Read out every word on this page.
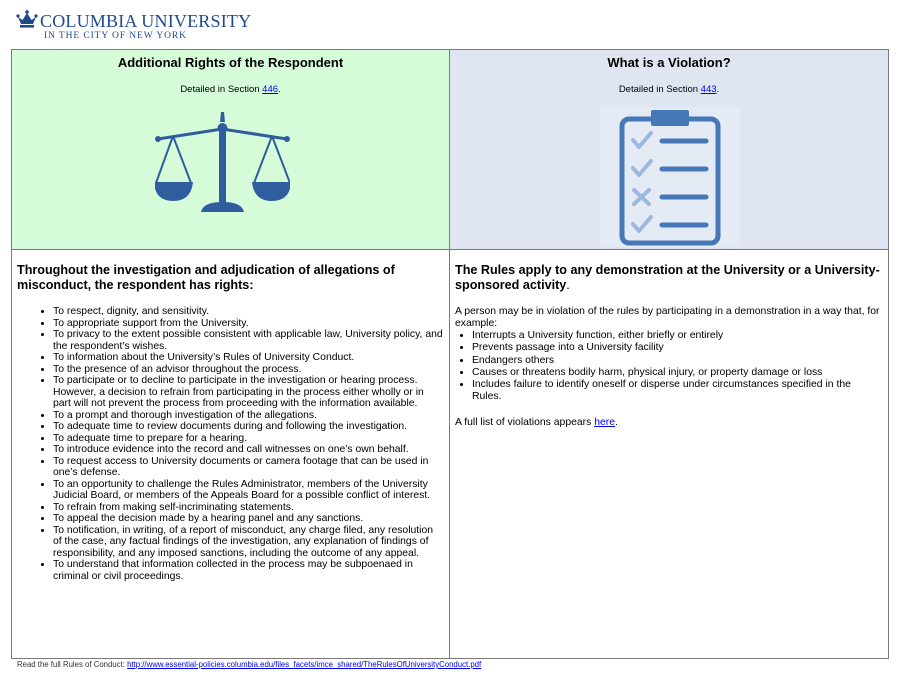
COLUMBIA UNIVERSITY
IN THE CITY OF NEW YORK
Additional Rights of the Respondent
Detailed in Section 446.
What is a Violation?
Detailed in Section 443.
Throughout the investigation and adjudication of allegations of misconduct, the respondent has rights:
• To respect, dignity, and sensitivity.
• To appropriate support from the University.
• To privacy to the extent possible consistent with applicable law, University policy, and the respondent’s wishes.
• To information about the University’s Rules of University Conduct.
• To the presence of an advisor throughout the process.
• To participate or to decline to participate in the investigation or hearing process. However, a decision to refrain from participating in the process either wholly or in part will not prevent the process from proceeding with the information available.
• To a prompt and thorough investigation of the allegations.
• To adequate time to review documents during and following the investigation.
• To adequate time to prepare for a hearing.
• To introduce evidence into the record and call witnesses on one’s own behalf.
• To request access to University documents or camera footage that can be used in one’s defense.
• To an opportunity to challenge the Rules Administrator, members of the University Judicial Board, or members of the Appeals Board for a possible conflict of interest.
• To refrain from making self-incriminating statements.
• To appeal the decision made by a hearing panel and any sanctions.
• To notification, in writing, of a report of misconduct, any charge filed, any resolution of the case, any factual findings of the investigation, any explanation of findings of responsibility, and any imposed sanctions, including the outcome of any appeal.
• To understand that information collected in the process may be subpoenaed in criminal or civil proceedings.
The Rules apply to any demonstration at the University or a University-sponsored activity.
A person may be in violation of the rules by participating in a demonstration in a way that, for example:
• Interrupts a University function, either briefly or entirely
• Prevents passage into a University facility
• Endangers others
• Causes or threatens bodily harm, physical injury, or property damage or loss
• Includes failure to identify oneself or disperse under circumstances specified in the Rules.
A full list of violations appears here.
Read the full Rules of Conduct: http://www.essential-policies.columbia.edu/files_facets/imce_shared/TheRulesOfUniversityConduct.pdf
